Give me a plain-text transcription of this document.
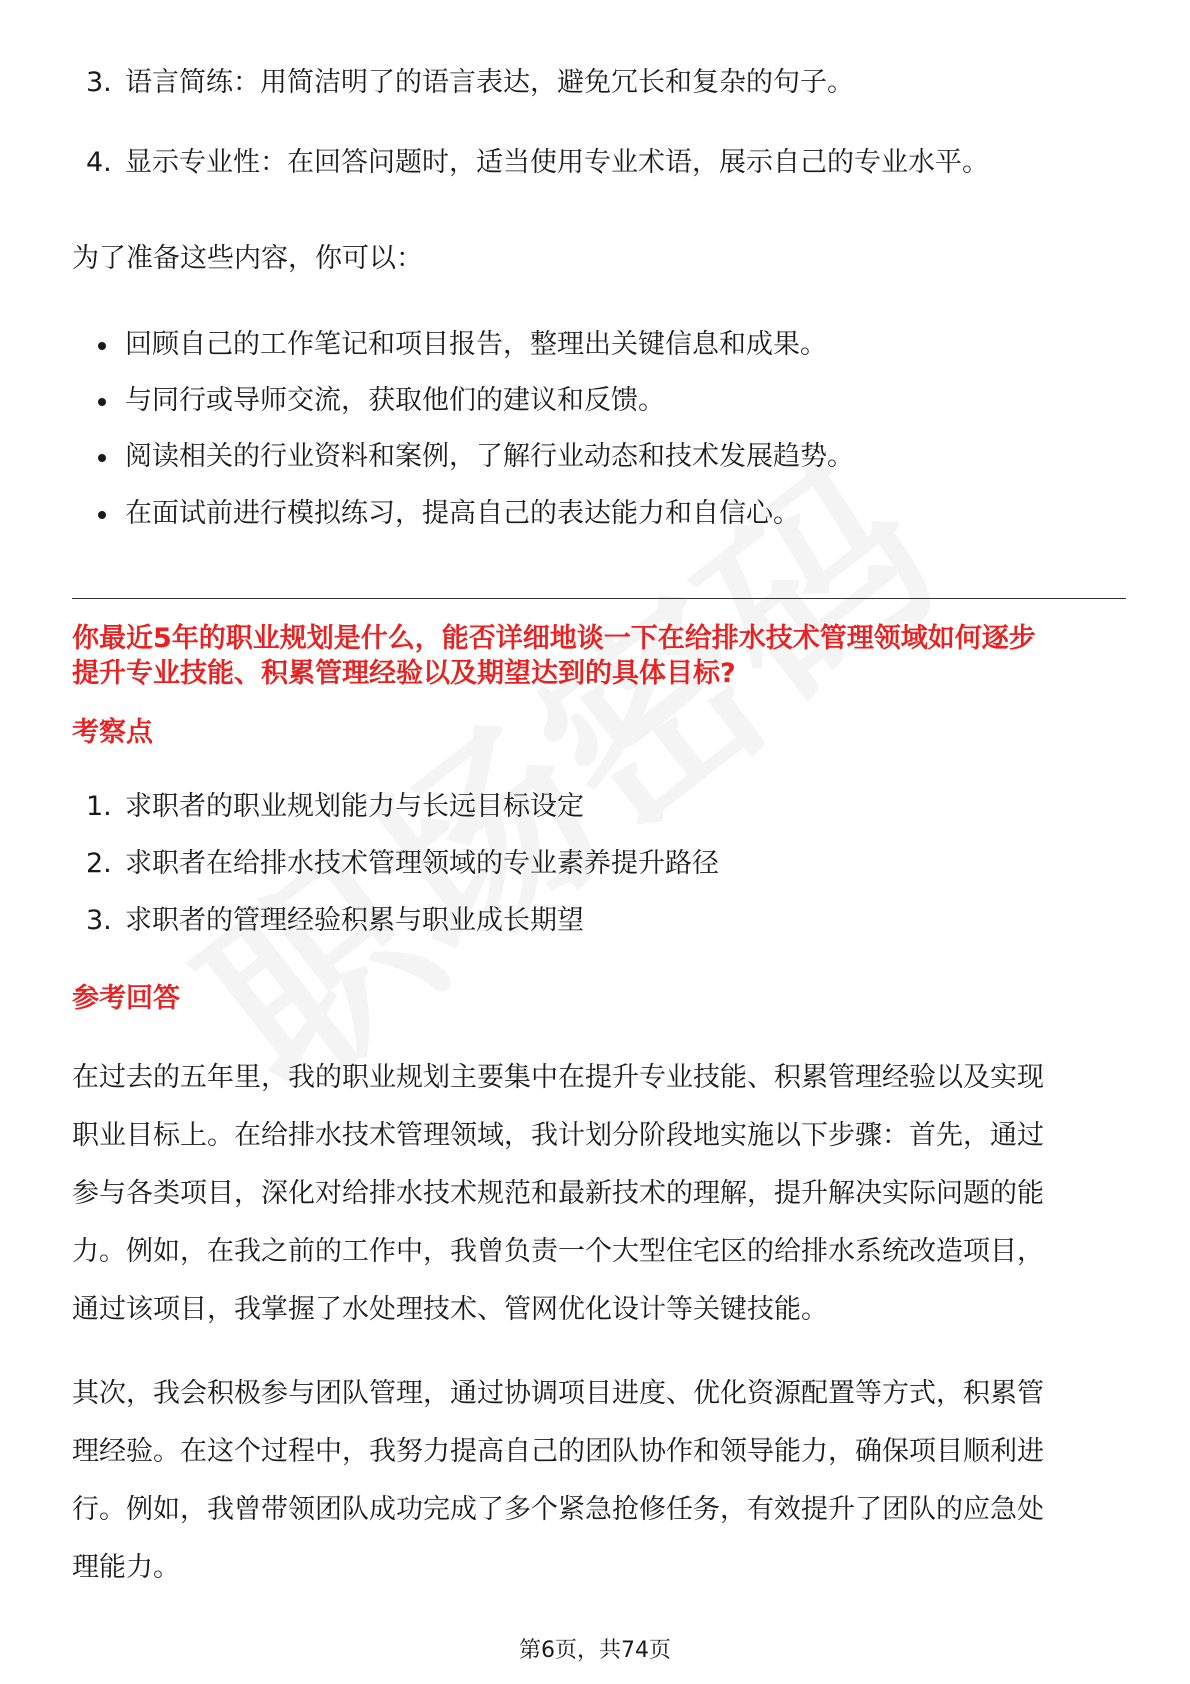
3. 语言简练：用简洁明了的语言表达，避免冗长和复杂的句子。
4. 显示专业性：在回答问题时，适当使用专业术语，展示自己的专业水平。
为了准备这些内容，你可以：
回顾自己的工作笔记和项目报告，整理出关键信息和成果。
与同行或导师交流，获取他们的建议和反馈。
阅读相关的行业资料和案例，了解行业动态和技术发展趋势。
在面试前进行模拟练习，提高自己的表达能力和自信心。
你最近5年的职业规划是什么，能否详细地谈一下在给排水技术管理领域如何逐步
提升专业技能、积累管理经验以及期望达到的具体目标?
考察点
1. 求职者的职业规划能力与长远目标设定
2. 求职者在给排水技术管理领域的专业素养提升路径
3. 求职者的管理经验积累与职业成长期望
参考回答
在过去的五年里，我的职业规划主要集中在提升专业技能、积累管理经验以及实现
职业目标上。在给排水技术管理领域，我计划分阶段地实施以下步骤：首先，通过
参与各类项目，深化对给排水技术规范和最新技术的理解，提升解决实际问题的能
力。例如，在我之前的工作中，我曾负责一个大型住宅区的给排水系统改造项目，
通过该项目，我掌握了水处理技术、管网优化设计等关键技能。
其次，我会积极参与团队管理，通过协调项目进度、优化资源配置等方式，积累管
理经验。在这个过程中，我努力提高自己的团队协作和领导能力，确保项目顺利进
行。例如，我曾带领团队成功完成了多个紧急抢修任务，有效提升了团队的应急处
理能力。
第6页，共74页
